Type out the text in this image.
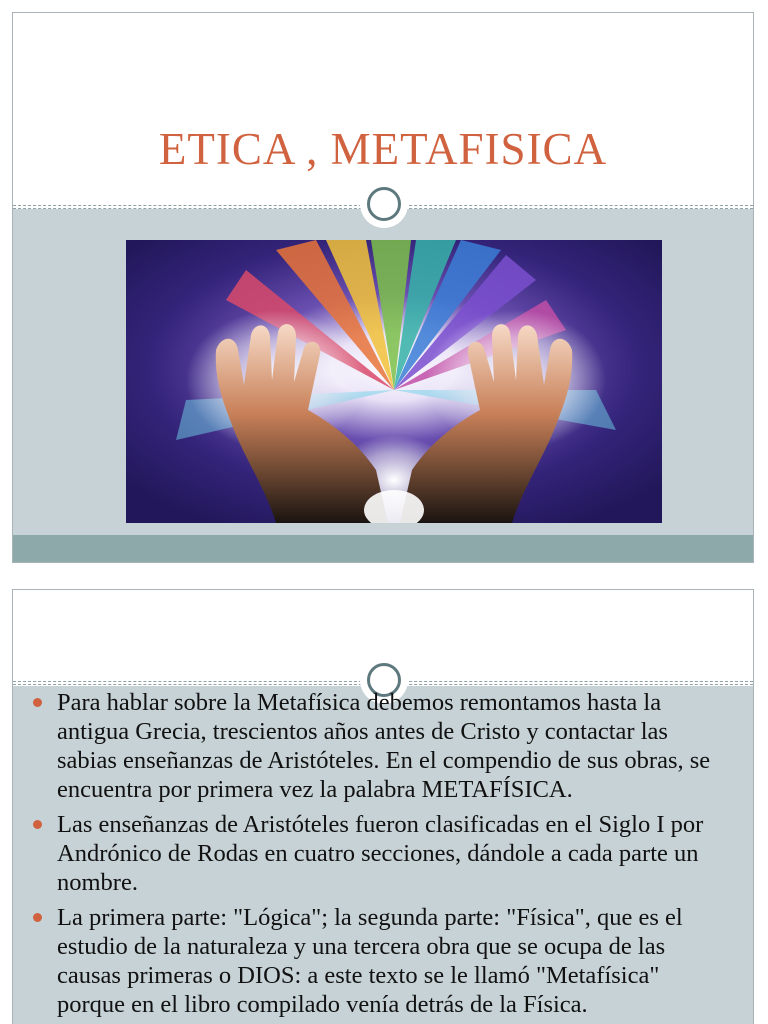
ETICA , METAFISICA
Para hablar sobre la Metafísica debemos remontamos hasta la antigua Grecia, trescientos años antes de Cristo y contactar las sabias enseñanzas de Aristóteles. En el compendio de sus obras, se encuentra por primera vez la palabra METAFÍSICA.
Las enseñanzas de Aristóteles fueron clasificadas en el Siglo I por Andrónico de Rodas en cuatro secciones, dándole a cada parte un nombre.
La primera parte: "Lógica"; la segunda parte: "Física", que es el estudio de la naturaleza y una tercera obra que se ocupa de las causas primeras o DIOS: a este texto se le llamó "Metafísica" porque en el libro compilado venía detrás de la Física.
